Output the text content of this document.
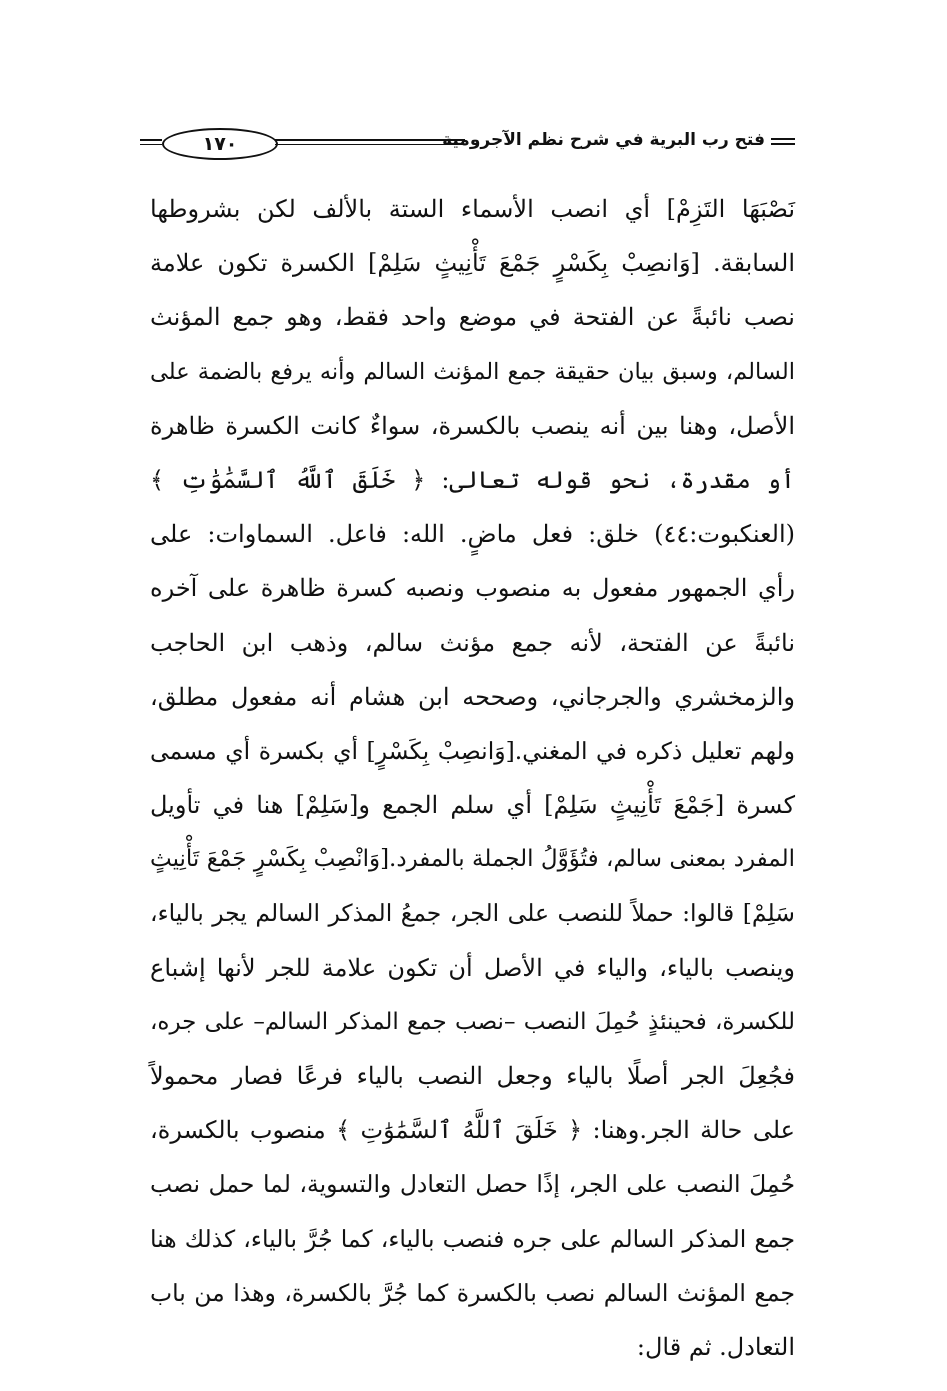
فتح رب البرية في شرح نظم الآجرومية
١٧٠
نَصْبَهَا التَزِمْ] أي انصب الأسماء الستة بالألف لكن بشروطها
السابقة. [وَانصِبْ بِكَسْرٍ جَمْعَ تَأْنِيثٍ سَلِمْ] الكسرة تكون علامة
نصب نائبةً عن الفتحة في موضع واحد فقط، وهو جمع المؤنث
السالم، وسبق بيان حقيقة جمع المؤنث السالم وأنه يرفع بالضمة على
الأصل، وهنا بين أنه ينصب بالكسرة، سواءٌ كانت الكسرة ظاهرة
أو مقدرة، نحو قوله تعالى: ﴿ خَلَقَ ٱللَّهُ ٱلسَّمَٰوَٰتِ ﴾
(العنكبوت:٤٤) خلق: فعل ماضٍ. الله: فاعل. السماوات: على
رأي الجمهور مفعول به منصوب ونصبه كسرة ظاهرة على آخره
نائبةً عن الفتحة، لأنه جمع مؤنث سالم، وذهب ابن الحاجب
والزمخشري والجرجاني، وصححه ابن هشام أنه مفعول مطلق،
ولهم تعليل ذكره في المغني.[وَانصِبْ بِكَسْرٍ] أي بكسرة أي مسمى
كسرة [جَمْعَ تَأْنِيثٍ سَلِمْ] أي سلم الجمع و[سَلِمْ] هنا في تأويل
المفرد بمعنى سالم، فتُؤَوَّلُ الجملة بالمفرد.[وَانْصِبْ بِكَسْرٍ جَمْعَ تَأْنِيثٍ
سَلِمْ] قالوا: حملاً للنصب على الجر، جمعُ المذكر السالم يجر بالياء،
وينصب بالياء، والياء في الأصل أن تكون علامة للجر لأنها إشباع
للكسرة، فحينئذٍ حُمِلَ النصب –نصب جمع المذكر السالم– على جره،
فجُعِلَ الجر أصلًا بالياء وجعل النصب بالياء فرعًا فصار محمولاً
على حالة الجر.وهنا: ﴿ خَلَقَ ٱللَّهُ ٱلسَّمَٰوَٰتِ ﴾ منصوب بالكسرة،
حُمِلَ النصب على الجر، إذًا حصل التعادل والتسوية، لما حمل نصب
جمع المذكر السالم على جره فنصب بالياء، كما جُرَّ بالياء، كذلك هنا
جمع المؤنث السالم نصب بالكسرة كما جُرَّ بالكسرة، وهذا من باب
التعادل. ثم قال:
